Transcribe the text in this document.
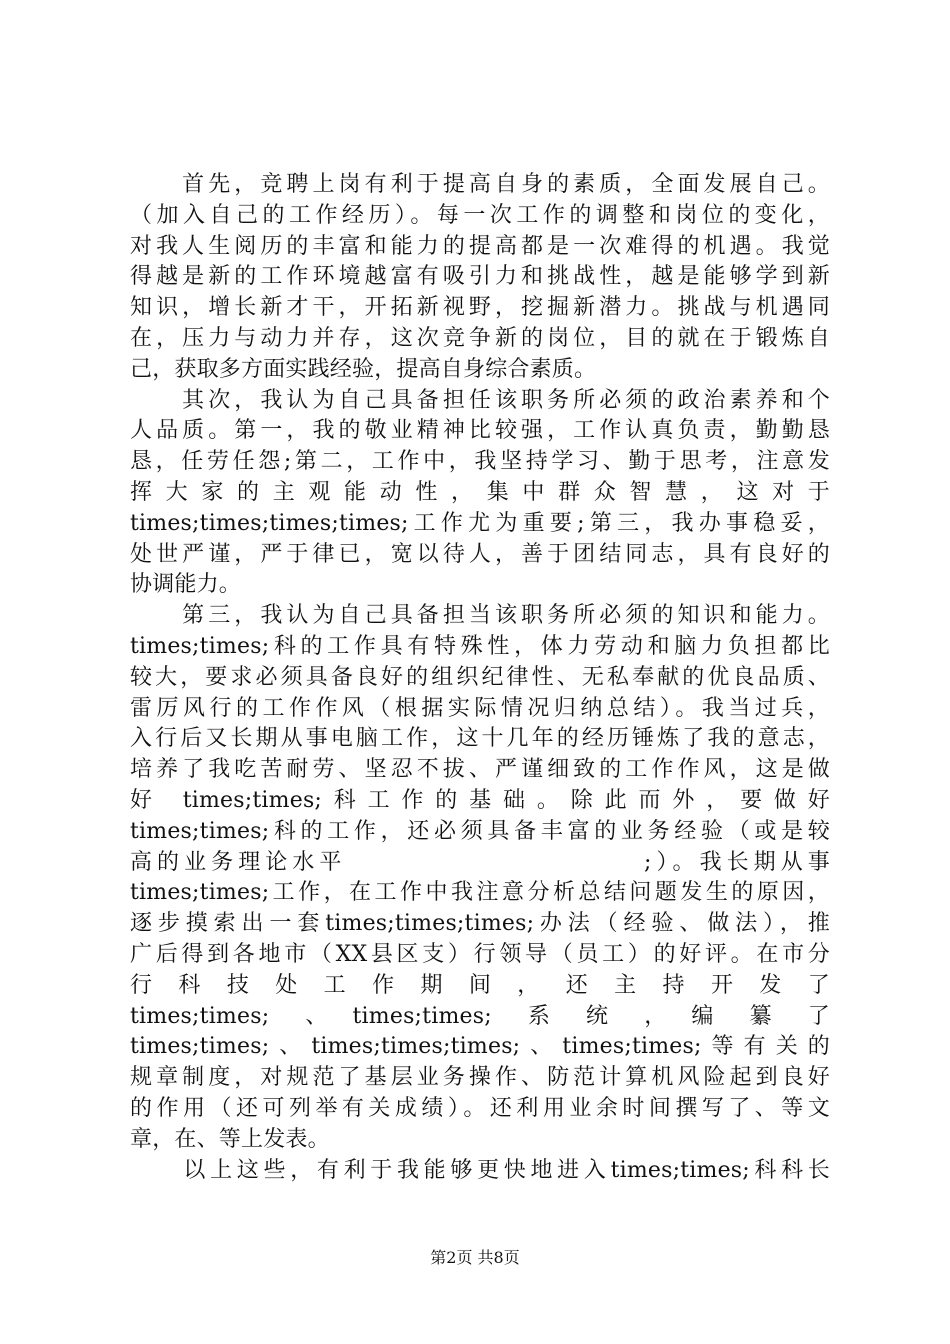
　　首先，竞聘上岗有利于提高自身的素质，全面发展自己。
（加入自己的工作经历）。每一次工作的调整和岗位的变化，
对我人生阅历的丰富和能力的提高都是一次难得的机遇。我觉
得越是新的工作环境越富有吸引力和挑战性，越是能够学到新
知识，增长新才干，开拓新视野，挖掘新潜力。挑战与机遇同
在，压力与动力并存，这次竞争新的岗位，目的就在于锻炼自
己，获取多方面实践经验，提高自身综合素质。
　　其次，我认为自己具备担任该职务所必须的政治素养和个
人品质。第一，我的敬业精神比较强，工作认真负责，勤勤恳
恳，任劳任怨;第二，工作中，我坚持学习、勤于思考，注意发
挥大家的主观能动性，集中群众智慧，这对于
times;times;times;times;工作尤为重要;第三，我办事稳妥，
处世严谨，严于律已，宽以待人，善于团结同志，具有良好的
协调能力。
　　第三，我认为自己具备担当该职务所必须的知识和能力。
times;times;科的工作具有特殊性，体力劳动和脑力负担都比
较大，要求必须具备良好的组织纪律性、无私奉献的优良品质、
雷厉风行的工作作风（根据实际情况归纳总结）。我当过兵，
入行后又长期从事电脑工作，这十几年的经历锤炼了我的意志，
培养了我吃苦耐劳、坚忍不拔、严谨细致的工作作风，这是做
好 times;times;科工作的基础。除此而外，要做好
times;times;科的工作，还必须具备丰富的业务经验（或是较
高的业务理论水平　　　　　　　　　　　;）。我长期从事
times;times;工作，在工作中我注意分析总结问题发生的原因，
逐步摸索出一套times;times;times;办法（经验、做法），推
广后得到各地市（XX县区支）行领导（员工）的好评。在市分
行科技处工作期间，还主持开发了
times;times;　、　times;times;　系　统　，　编　纂　了
times;times;、times;times;times;、times;times;等有关的
规章制度，对规范了基层业务操作、防范计算机风险起到良好
的作用（还可列举有关成绩）。还利用业余时间撰写了、等文
章，在、等上发表。
　　以上这些，有利于我能够更快地进入times;times;科科长
第2页 共8页
